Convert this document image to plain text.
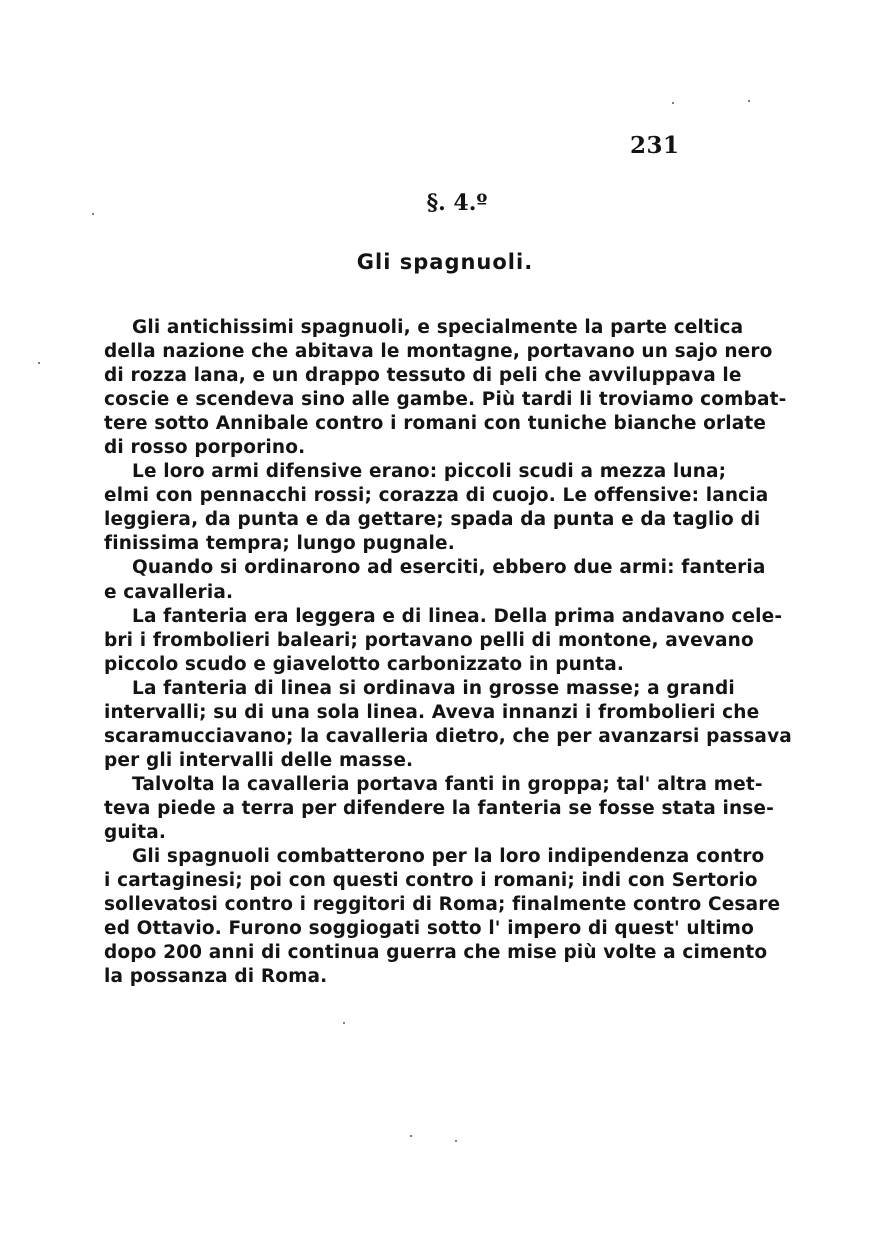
231
§. 4.º
Gli spagnuoli.
Gli antichissimi spagnuoli, e specialmente la parte celtica
della nazione che abitava le montagne, portavano un sajo nero
di rozza lana, e un drappo tessuto di peli che avviluppava le
coscie e scendeva sino alle gambe. Più tardi li troviamo combat-
tere sotto Annibale contro i romani con tuniche bianche orlate
di rosso porporino.
Le loro armi difensive erano: piccoli scudi a mezza luna;
elmi con pennacchi rossi; corazza di cuojo. Le offensive: lancia
leggiera, da punta e da gettare; spada da punta e da taglio di
finissima tempra; lungo pugnale.
Quando si ordinarono ad eserciti, ebbero due armi: fanteria
e cavalleria.
La fanteria era leggera e di linea. Della prima andavano cele-
bri i frombolieri baleari; portavano pelli di montone, avevano
piccolo scudo e giavelotto carbonizzato in punta.
La fanteria di linea si ordinava in grosse masse; a grandi
intervalli; su di una sola linea. Aveva innanzi i frombolieri che
scaramucciavano; la cavalleria dietro, che per avanzarsi passava
per gli intervalli delle masse.
Talvolta la cavalleria portava fanti in groppa; tal' altra met-
teva piede a terra per difendere la fanteria se fosse stata inse-
guita.
Gli spagnuoli combatterono per la loro indipendenza contro
i cartaginesi; poi con questi contro i romani; indi con Sertorio
sollevatosi contro i reggitori di Roma; finalmente contro Cesare
ed Ottavio. Furono soggiogati sotto l' impero di quest' ultimo
dopo 200 anni di continua guerra che mise più volte a cimento
la possanza di Roma.
